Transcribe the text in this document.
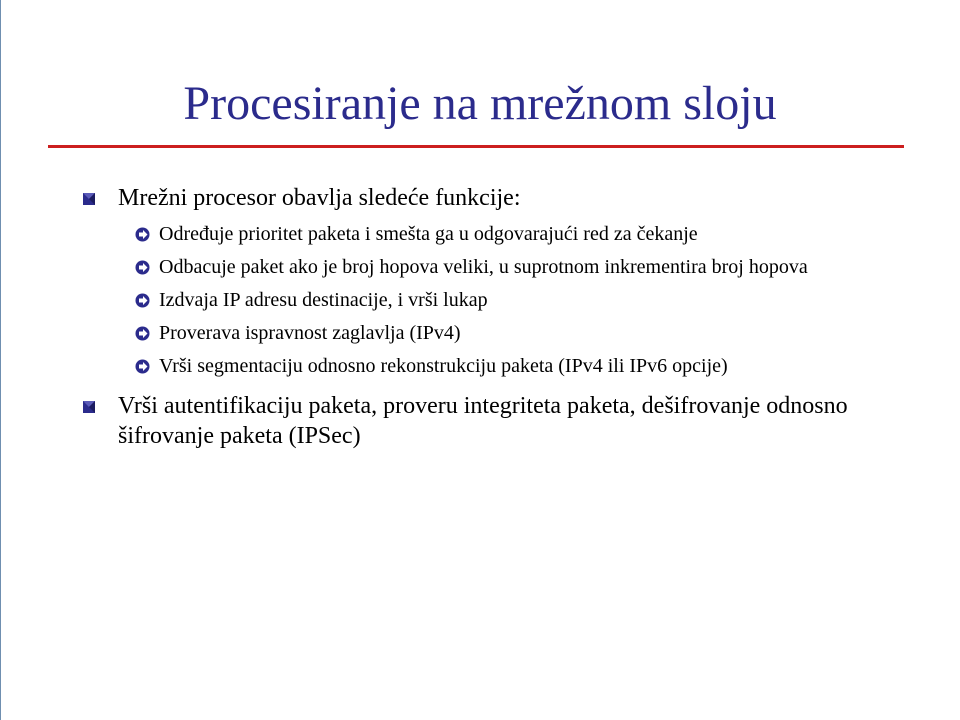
Procesiranje na mrežnom sloju
Mrežni procesor obavlja sledeće funkcije:
Određuje prioritet paketa i smešta ga u odgovarajući red za čekanje
Odbacuje paket ako je broj hopova veliki, u suprotnom inkrementira broj hopova
Izdvaja IP adresu destinacije, i vrši lukap
Proverava ispravnost zaglavlja (IPv4)
Vrši segmentaciju odnosno rekonstrukciju paketa (IPv4 ili IPv6 opcije)
Vrši autentifikaciju paketa, proveru integriteta paketa, dešifrovanje odnosno šifrovanje paketa (IPSec)
